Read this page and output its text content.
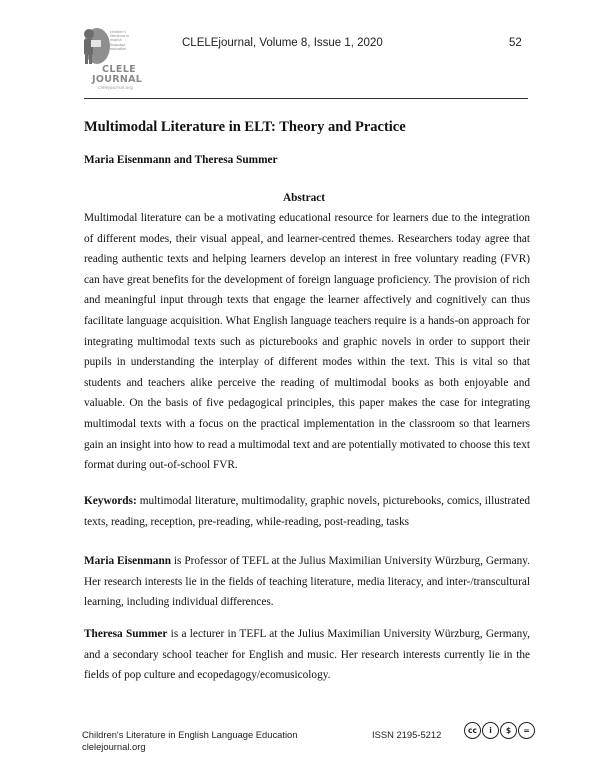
children's
literature in
english
language
education
CLELE
JOURNAL
clelejournal.org
CLELEjournal, Volume 8, Issue 1, 2020	52
Multimodal Literature in ELT: Theory and Practice
Maria Eisenmann and Theresa Summer
Abstract

Multimodal literature can be a motivating educational resource for learners due to the integration of different modes, their visual appeal, and learner-centred themes. Researchers today agree that reading authentic texts and helping learners develop an interest in free voluntary reading (FVR) can have great benefits for the development of foreign language proficiency. The provision of rich and meaningful input through texts that engage the learner affectively and cognitively can thus facilitate language acquisition. What English language teachers require is a hands-on approach for integrating multimodal texts such as picturebooks and graphic novels in order to support their pupils in understanding the interplay of different modes within the text. This is vital so that students and teachers alike perceive the reading of multimodal books as both enjoyable and valuable. On the basis of five pedagogical principles, this paper makes the case for integrating multimodal texts with a focus on the practical implementation in the classroom so that learners gain an insight into how to read a multimodal text and are potentially motivated to choose this text format during out-of-school FVR.

Keywords: multimodal literature, multimodality, graphic novels, picturebooks, comics, illustrated texts, reading, reception, pre-reading, while-reading, post-reading, tasks

Maria Eisenmann is Professor of TEFL at the Julius Maximilian University Würzburg, Germany. Her research interests lie in the fields of teaching literature, media literacy, and inter-/transcultural learning, including individual differences.

Theresa Summer is a lecturer in TEFL at the Julius Maximilian University Würzburg, Germany, and a secondary school teacher for English and music. Her research interests currently lie in the fields of pop culture and ecopedagogy/ecomusicology.

Children's Literature in English Language Education
clelejournal.org
ISSN 2195-5212	cc	i	$	=
